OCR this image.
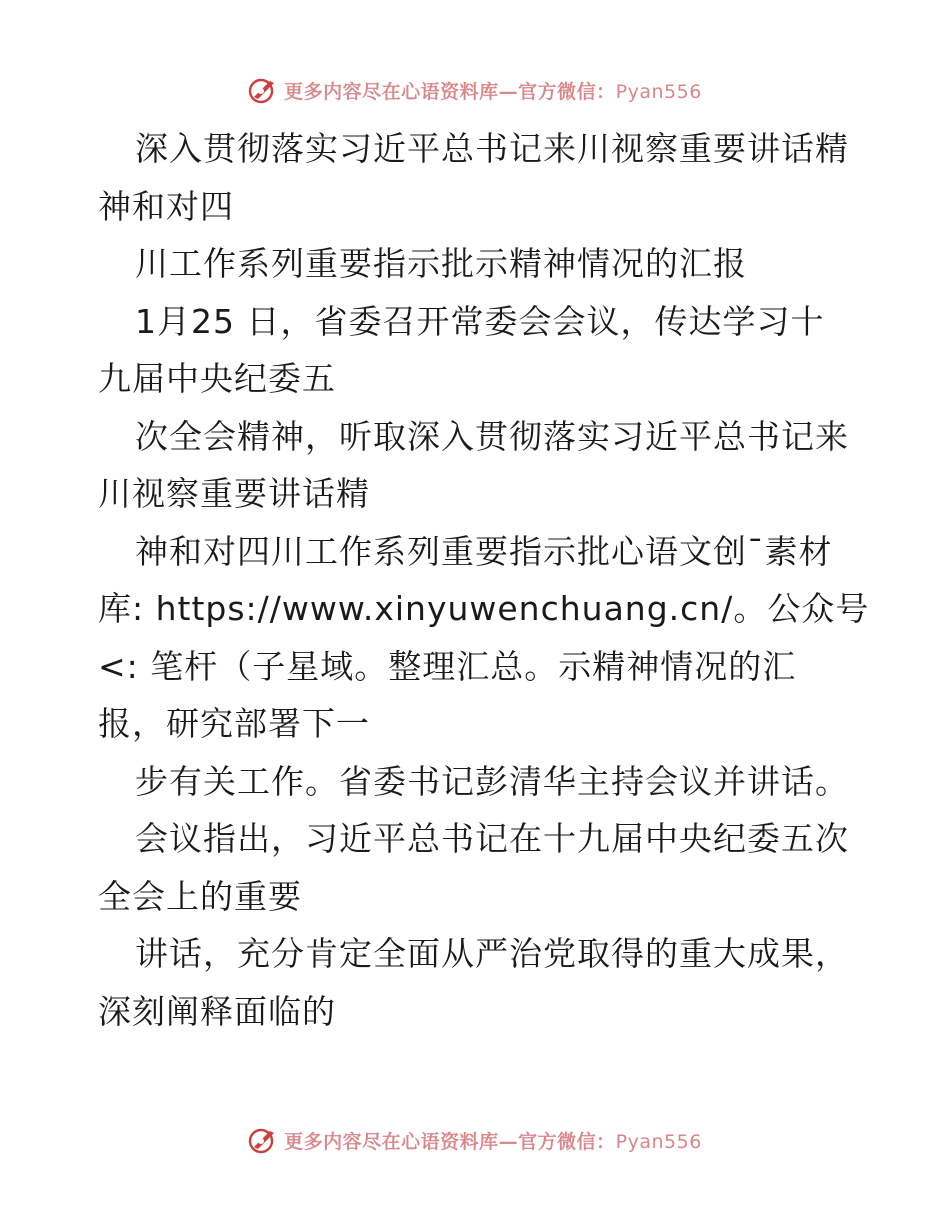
更多内容尽在心语资料库—官方微信：Pyan556
深入贯彻落实习近平总书记来川视察重要讲话精
神和对四
川工作系列重要指示批示精神情况的汇报
1月25 日，省委召开常委会会议，传达学习十
九届中央纪委五
次全会精神，听取深入贯彻落实习近平总书记来
川视察重要讲话精
神和对四川工作系列重要指示批心语文创¯素材
库: https://www.xinyuwenchuang.cn/。公众号
<: 笔杆（子星域。整理汇总。示精神情况的汇
报，研究部署下一
步有关工作。省委书记彭清华主持会议并讲话。
会议指出，习近平总书记在十九届中央纪委五次
全会上的重要
讲话，充分肯定全面从严治党取得的重大成果，
深刻阐释面临的
更多内容尽在心语资料库—官方微信：Pyan556
